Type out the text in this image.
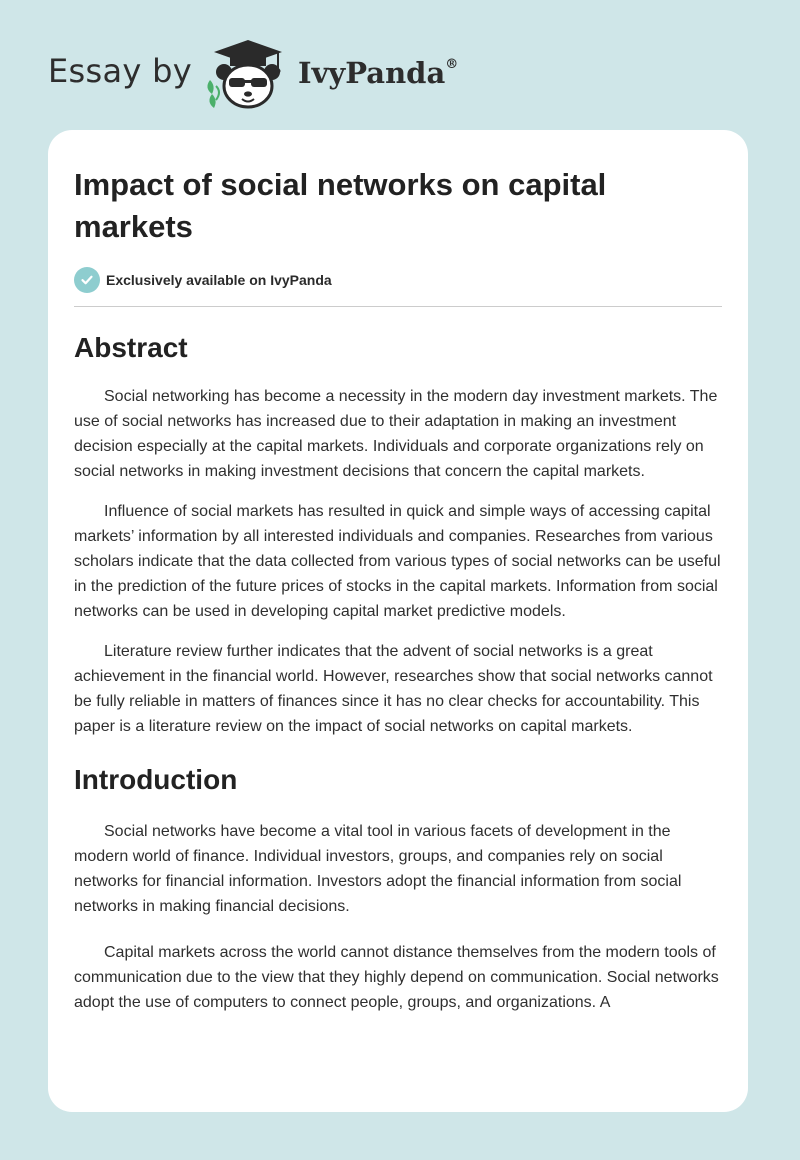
Essay by	IvyPanda®
Impact of social networks on capital markets
Exclusively available on IvyPanda
Abstract

Social networking has become a necessity in the modern day investment markets. The use of social networks has increased due to their adaptation in making an investment decision especially at the capital markets. Individuals and corporate organizations rely on social networks in making investment decisions that concern the capital markets.

Influence of social markets has resulted in quick and simple ways of accessing capital markets’ information by all interested individuals and companies. Researches from various scholars indicate that the data collected from various types of social networks can be useful in the prediction of the future prices of stocks in the capital markets. Information from social networks can be used in developing capital market predictive models.

Literature review further indicates that the advent of social networks is a great achievement in the financial world. However, researches show that social networks cannot be fully reliable in matters of finances since it has no clear checks for accountability. This paper is a literature review on the impact of social networks on capital markets.

Introduction

Social networks have become a vital tool in various facets of development in the modern world of finance. Individual investors, groups, and companies rely on social networks for financial information. Investors adopt the financial information from social networks in making financial decisions.

Capital markets across the world cannot distance themselves from the modern tools of communication due to the view that they highly depend on communication. Social networks adopt the use of computers to connect people, groups, and organizations. A
